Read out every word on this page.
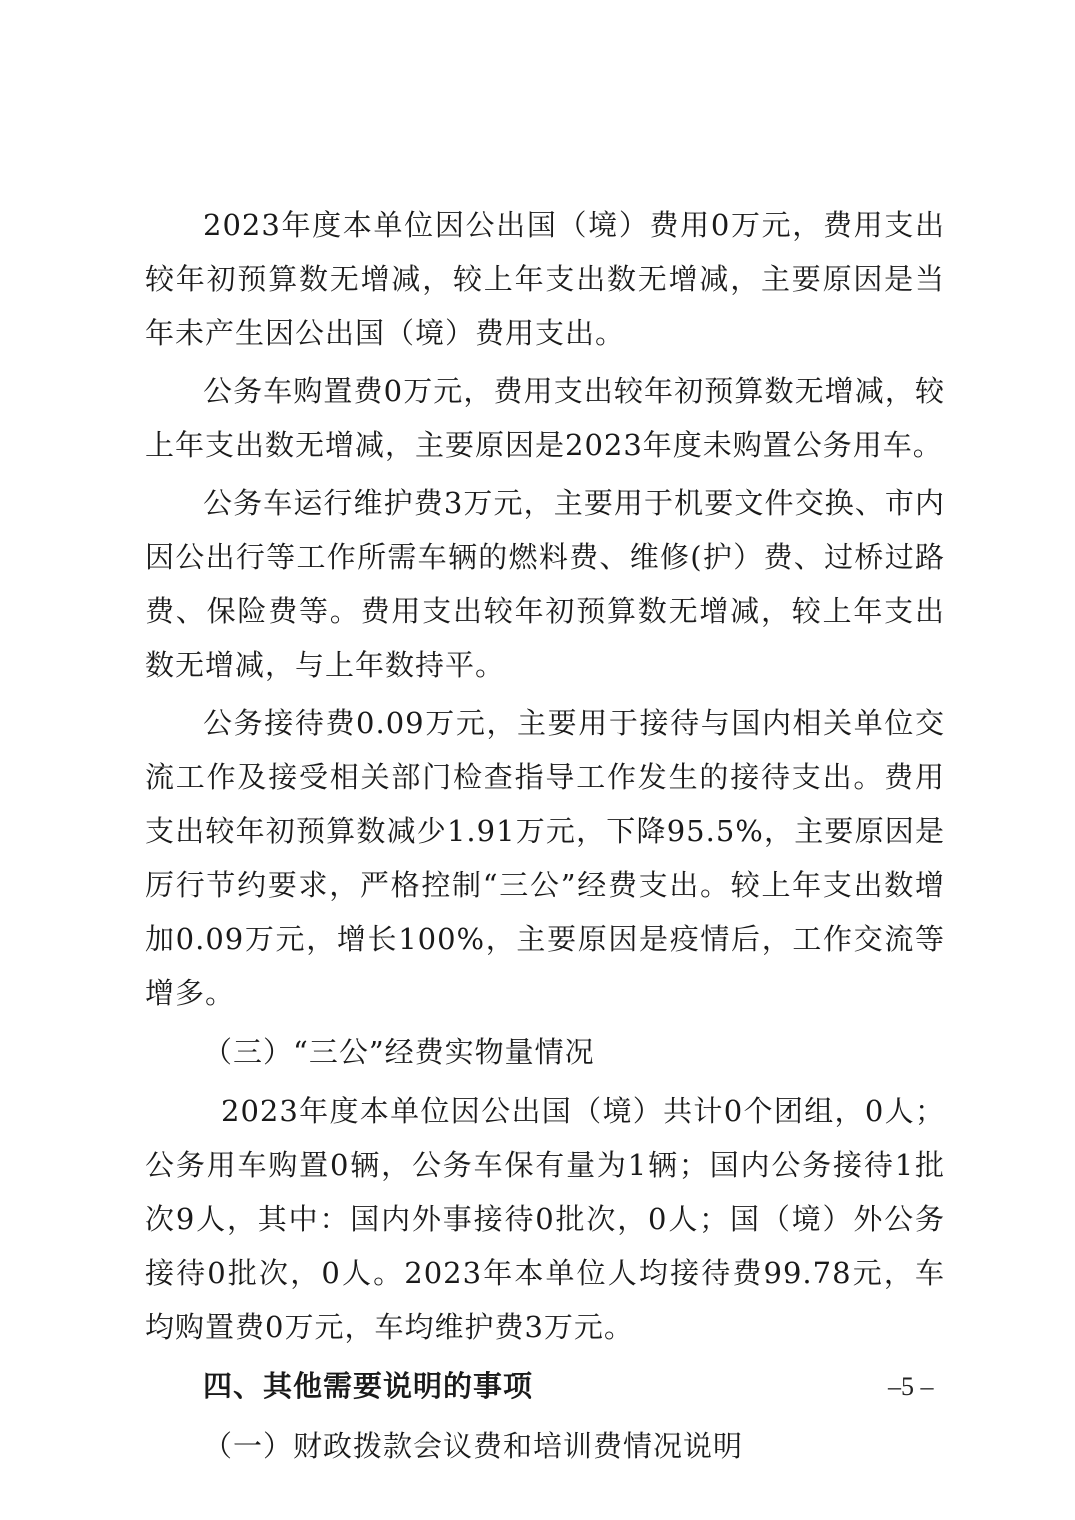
2023年度本单位因公出国（境）费用0万元，费用支出较年初预算数无增减，较上年支出数无增减，主要原因是当年未产生因公出国（境）费用支出。

公务车购置费0万元，费用支出较年初预算数无增减，较上年支出数无增减，主要原因是2023年度未购置公务用车。

公务车运行维护费3万元，主要用于机要文件交换、市内因公出行等工作所需车辆的燃料费、维修(护）费、过桥过路费、保险费等。费用支出较年初预算数无增减，较上年支出数无增减，与上年数持平。

公务接待费0.09万元，主要用于接待与国内相关单位交流工作及接受相关部门检查指导工作发生的接待支出。费用支出较年初预算数减少1.91万元，下降95.5%，主要原因是厉行节约要求，严格控制“三公”经费支出。较上年支出数增加0.09万元，增长100%，主要原因是疫情后，工作交流等增多。

（三）“三公”经费实物量情况

2023年度本单位因公出国（境）共计0个团组，0人；公务用车购置0辆，公务车保有量为1辆；国内公务接待1批次9人，其中：国内外事接待0批次，0人；国（境）外公务接待0批次，0人。2023年本单位人均接待费99.78元，车均购置费0万元，车均维护费3万元。

四、其他需要说明的事项

（一）财政拨款会议费和培训费情况说明

–5 –
